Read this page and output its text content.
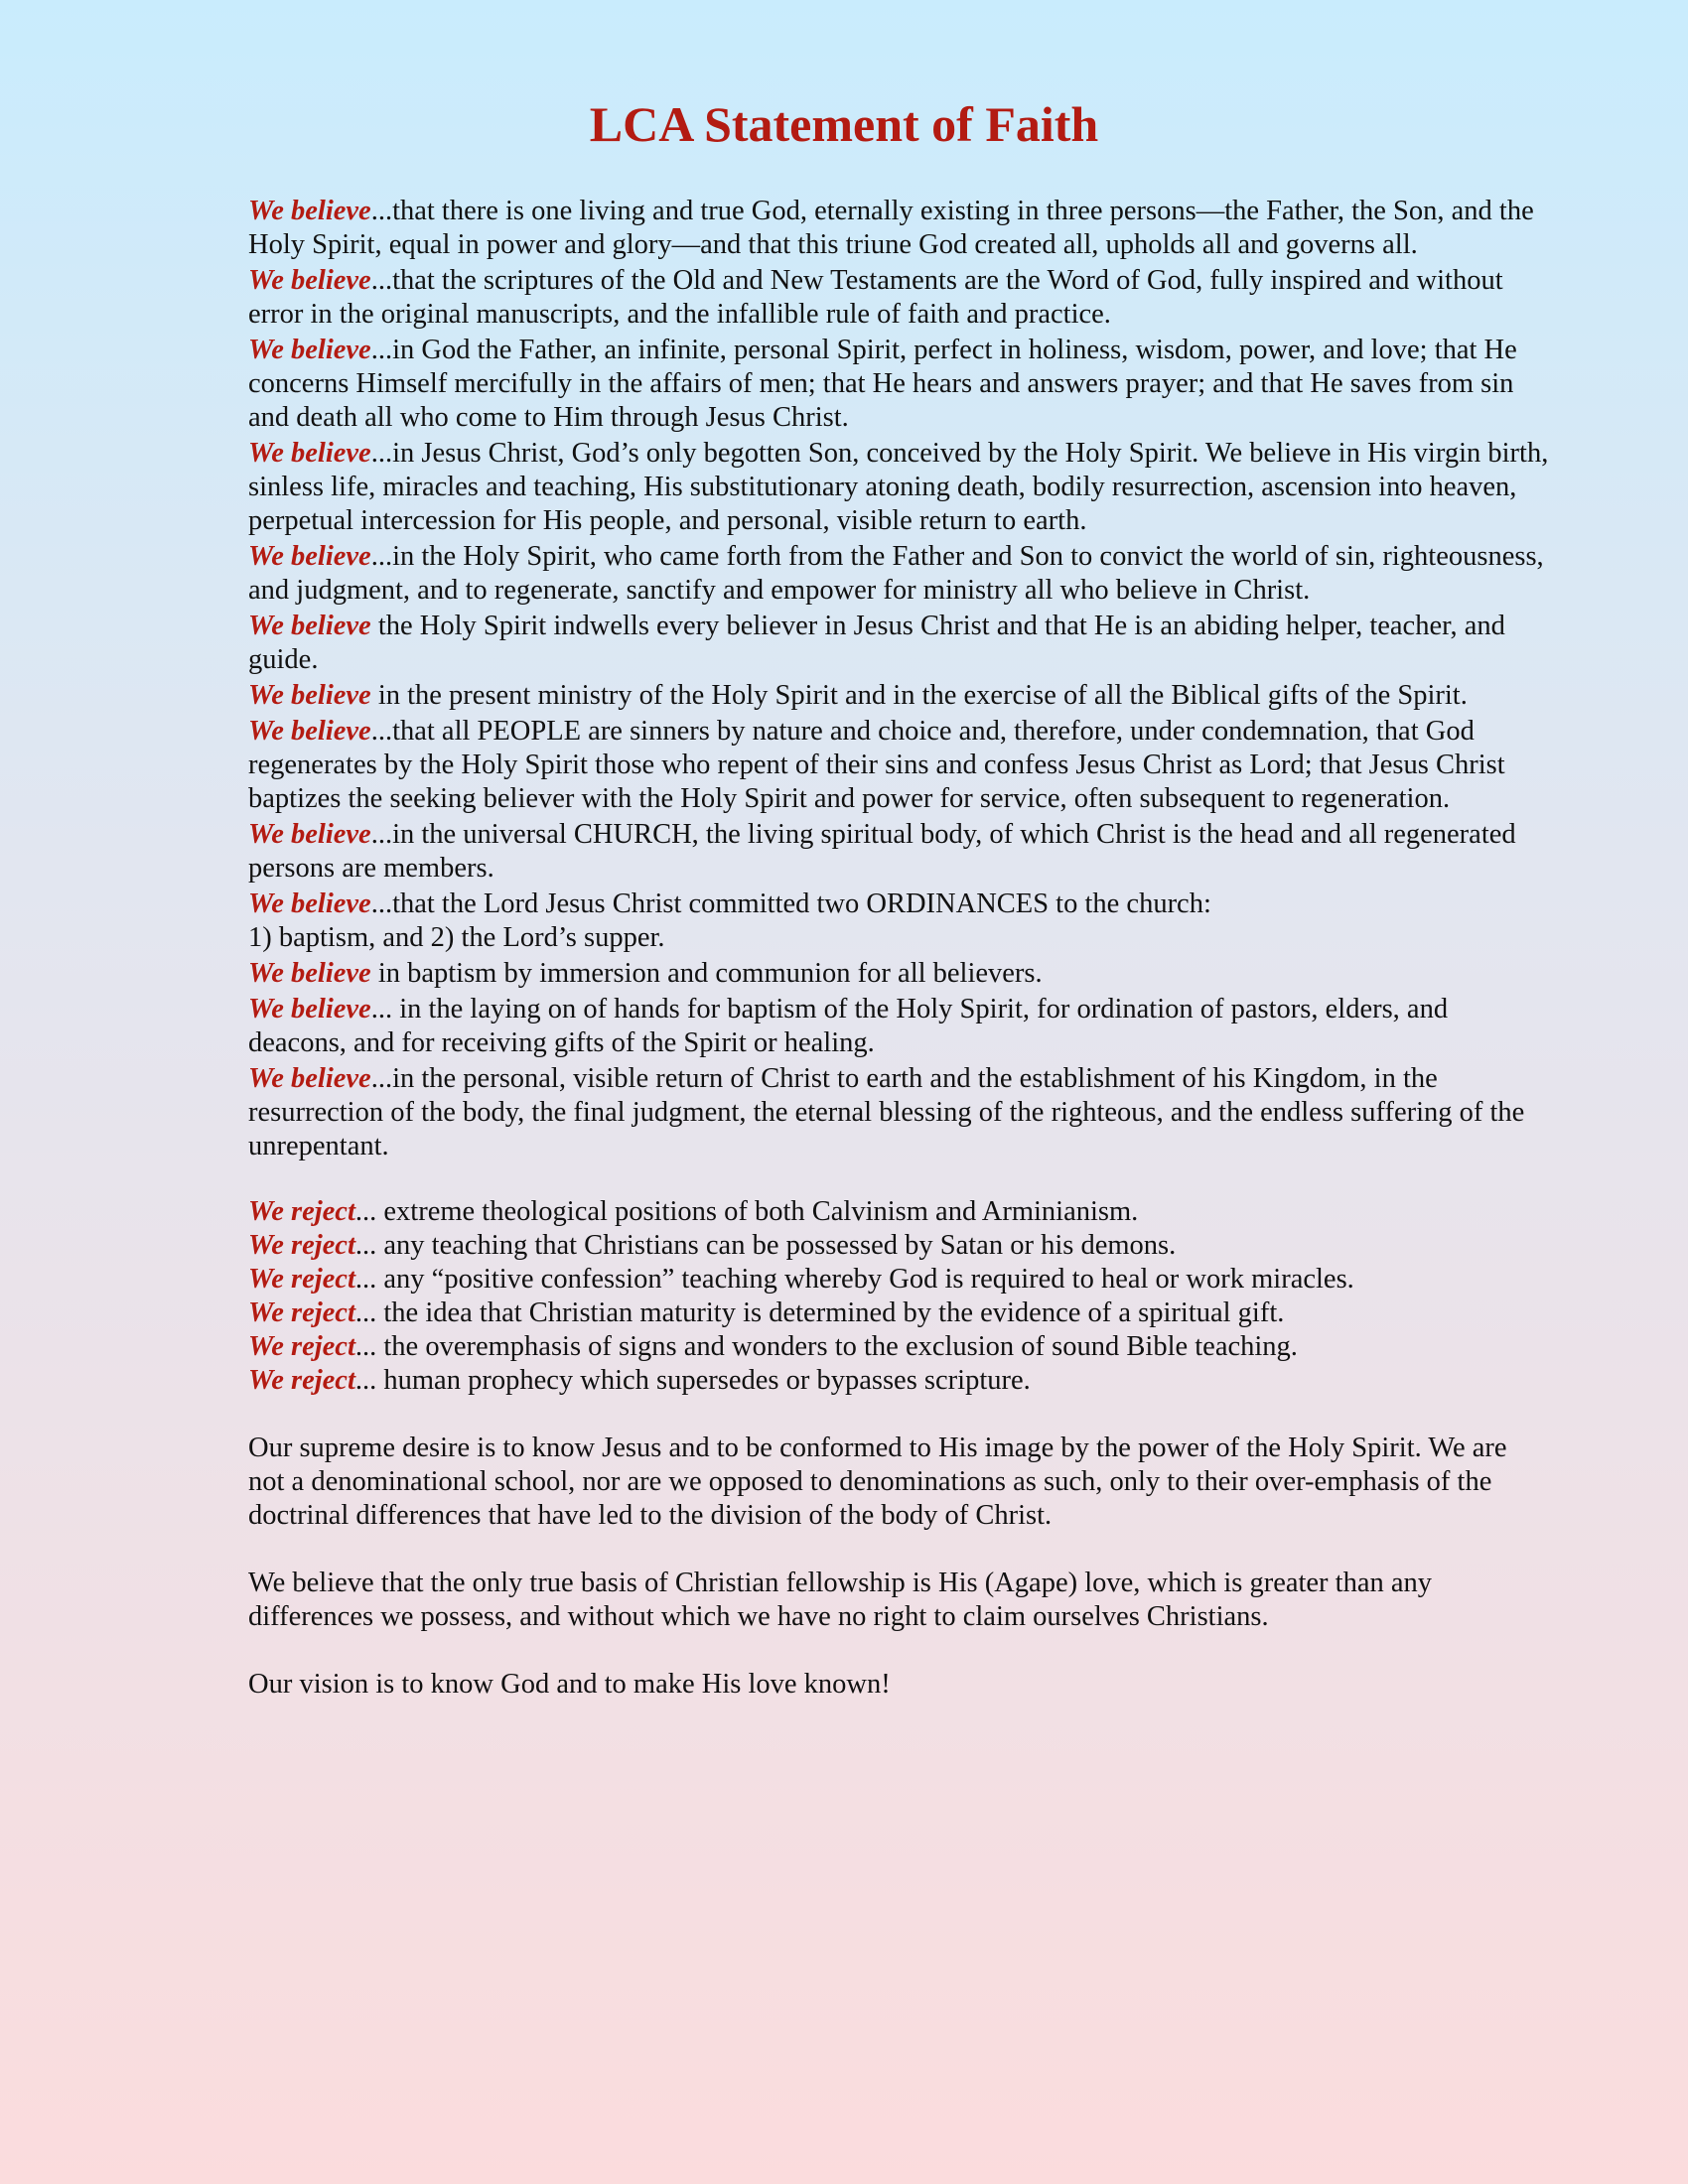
LCA Statement of Faith

We believe...that there is one living and true God, eternally existing in three persons—the Father, the Son, and the Holy Spirit, equal in power and glory—and that this triune God created all, upholds all and governs all.

We believe...that the scriptures of the Old and New Testaments are the Word of God, fully inspired and without error in the original manuscripts, and the infallible rule of faith and practice.

We believe...in God the Father, an infinite, personal Spirit, perfect in holiness, wisdom, power, and love; that He concerns Himself mercifully in the affairs of men; that He hears and answers prayer; and that He saves from sin and death all who come to Him through Jesus Christ.

We believe...in Jesus Christ, God’s only begotten Son, conceived by the Holy Spirit. We believe in His virgin birth, sinless life, miracles and teaching, His substitutionary atoning death, bodily resurrection, ascension into heaven, perpetual intercession for His people, and personal, visible return to earth.

We believe...in the Holy Spirit, who came forth from the Father and Son to convict the world of sin, righteousness, and judgment, and to regenerate, sanctify and empower for ministry all who believe in Christ.

We believe the Holy Spirit indwells every believer in Jesus Christ and that He is an abiding helper, teacher, and guide.

We believe in the present ministry of the Holy Spirit and in the exercise of all the Biblical gifts of the Spirit.

We believe...that all PEOPLE are sinners by nature and choice and, therefore, under condemnation, that God regenerates by the Holy Spirit those who repent of their sins and confess Jesus Christ as Lord; that Jesus Christ baptizes the seeking believer with the Holy Spirit and power for service, often subsequent to regeneration.

We believe...in the universal CHURCH, the living spiritual body, of which Christ is the head and all regenerated persons are members.

We believe...that the Lord Jesus Christ committed two ORDINANCES to the church:
1) baptism, and 2) the Lord’s supper.

We believe in baptism by immersion and communion for all believers.

We believe... in the laying on of hands for baptism of the Holy Spirit, for ordination of pastors, elders, and deacons, and for receiving gifts of the Spirit or healing.

We believe...in the personal, visible return of Christ to earth and the establishment of his Kingdom, in the resurrection of the body, the final judgment, the eternal blessing of the righteous, and the endless suffering of the unrepentant.

We reject... extreme theological positions of both Calvinism and Arminianism.

We reject... any teaching that Christians can be possessed by Satan or his demons.

We reject... any “positive confession” teaching whereby God is required to heal or work miracles.

We reject... the idea that Christian maturity is determined by the evidence of a spiritual gift.

We reject... the overemphasis of signs and wonders to the exclusion of sound Bible teaching.

We reject... human prophecy which supersedes or bypasses scripture.

Our supreme desire is to know Jesus and to be conformed to His image by the power of the Holy Spirit. We are not a denominational school, nor are we opposed to denominations as such, only to their over-emphasis of the doctrinal differences that have led to the division of the body of Christ.

We believe that the only true basis of Christian fellowship is His (Agape) love, which is greater than any differences we possess, and without which we have no right to claim ourselves Christians.

Our vision is to know God and to make His love known!
